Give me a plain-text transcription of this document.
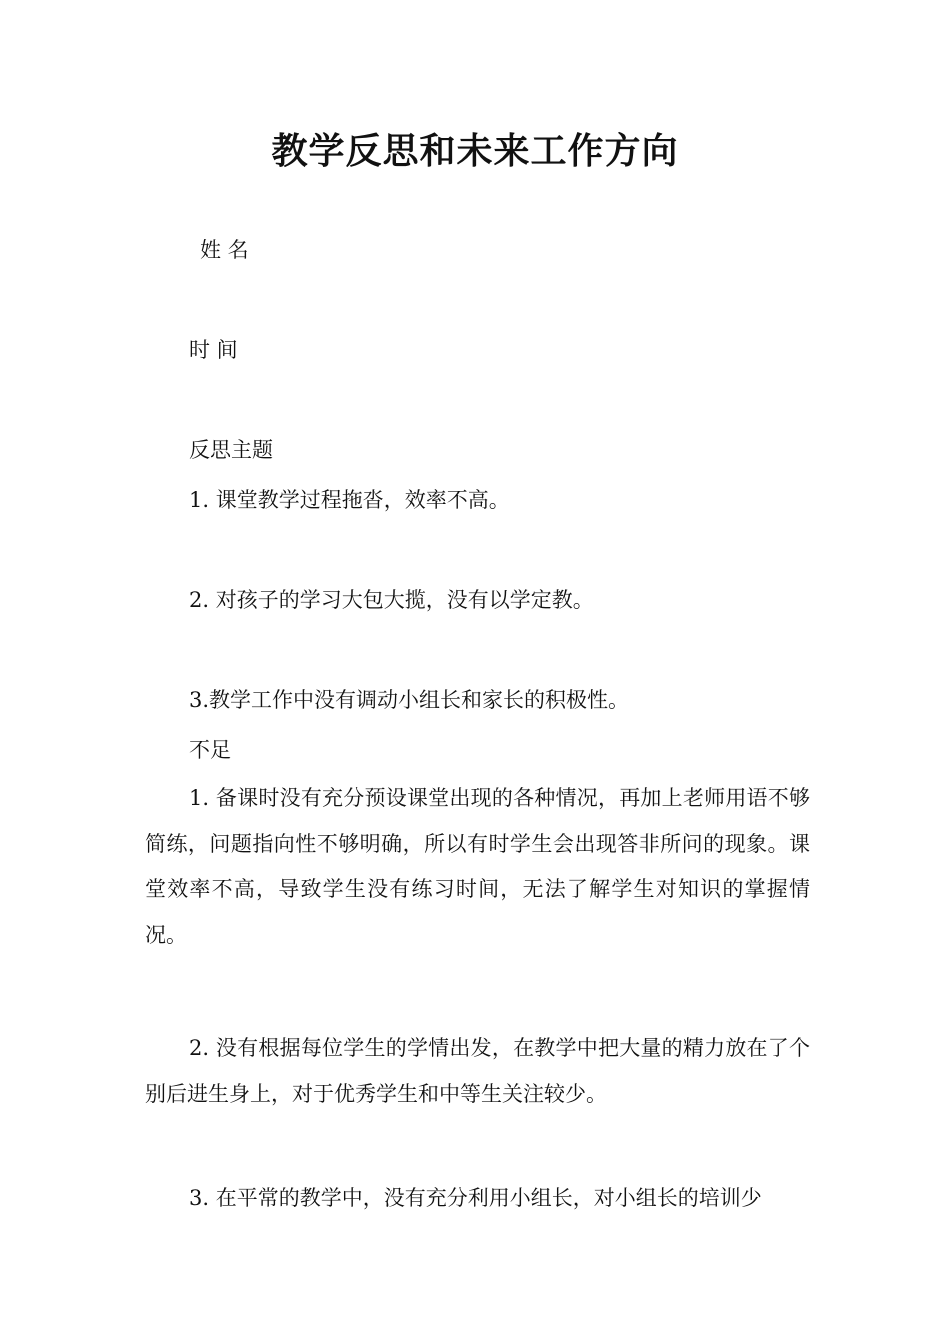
教学反思和未来工作方向
姓 名
时 间
反思主题
1. 课堂教学过程拖沓，效率不高。
2. 对孩子的学习大包大揽，没有以学定教。
3.教学工作中没有调动小组长和家长的积极性。
不足
1. 备课时没有充分预设课堂出现的各种情况，再加上老师用语不够简练，问题指向性不够明确，所以有时学生会出现答非所问的现象。课堂效率不高，导致学生没有练习时间，无法了解学生对知识的掌握情况。
2. 没有根据每位学生的学情出发，在教学中把大量的精力放在了个别后进生身上，对于优秀学生和中等生关注较少。
3. 在平常的教学中，没有充分利用小组长，对小组长的培训少
